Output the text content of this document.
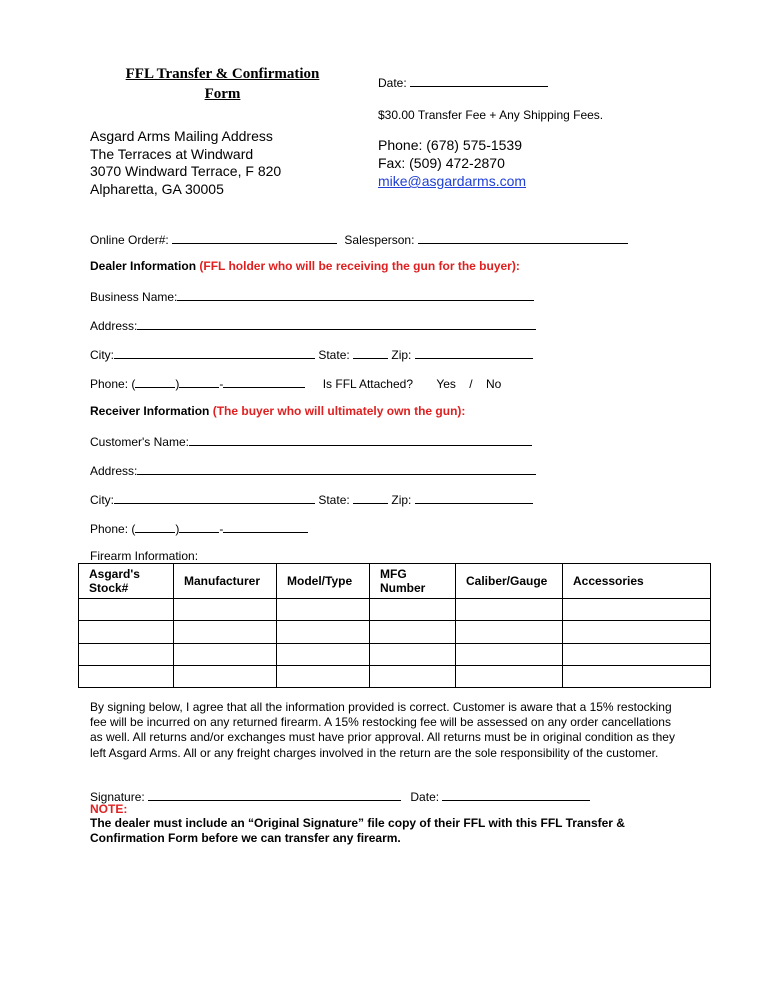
FFL Transfer & Confirmation
Form
Date:
$30.00 Transfer Fee + Any Shipping Fees.
Asgard Arms Mailing Address
The Terraces at Windward
3070 Windward Terrace, F 820
Alpharetta, GA 30005
Phone: (678) 575-1539
Fax: (509) 472-2870
mike@asgardarms.com
Online Order#:	Salesperson:
Dealer Information (FFL holder who will be receiving the gun for the buyer):
Business Name:
Address:
City:	State:	Zip:
Phone: (	)	-	Is FFL Attached? Yes / No
Receiver Information (The buyer who will ultimately own the gun):
Customer's Name:
Address:
City:	State:	Zip:
Phone: (	)	-
Firearm Information:
Asgard's Stock#	Manufacturer	Model/Type	MFG Number	Caliber/Gauge	Accessories

By signing below, I agree that all the information provided is correct. Customer is aware that a 15% restocking fee will be incurred on any returned firearm. A 15% restocking fee will be assessed on any order cancellations as well. All returns and/or exchanges must have prior approval. All returns must be in original condition as they left Asgard Arms. All or any freight charges involved in the return are the sole responsibility of the customer.
Signature:	Date:
NOTE:
The dealer must include an “Original Signature” file copy of their FFL with this FFL Transfer & Confirmation Form before we can transfer any firearm.
